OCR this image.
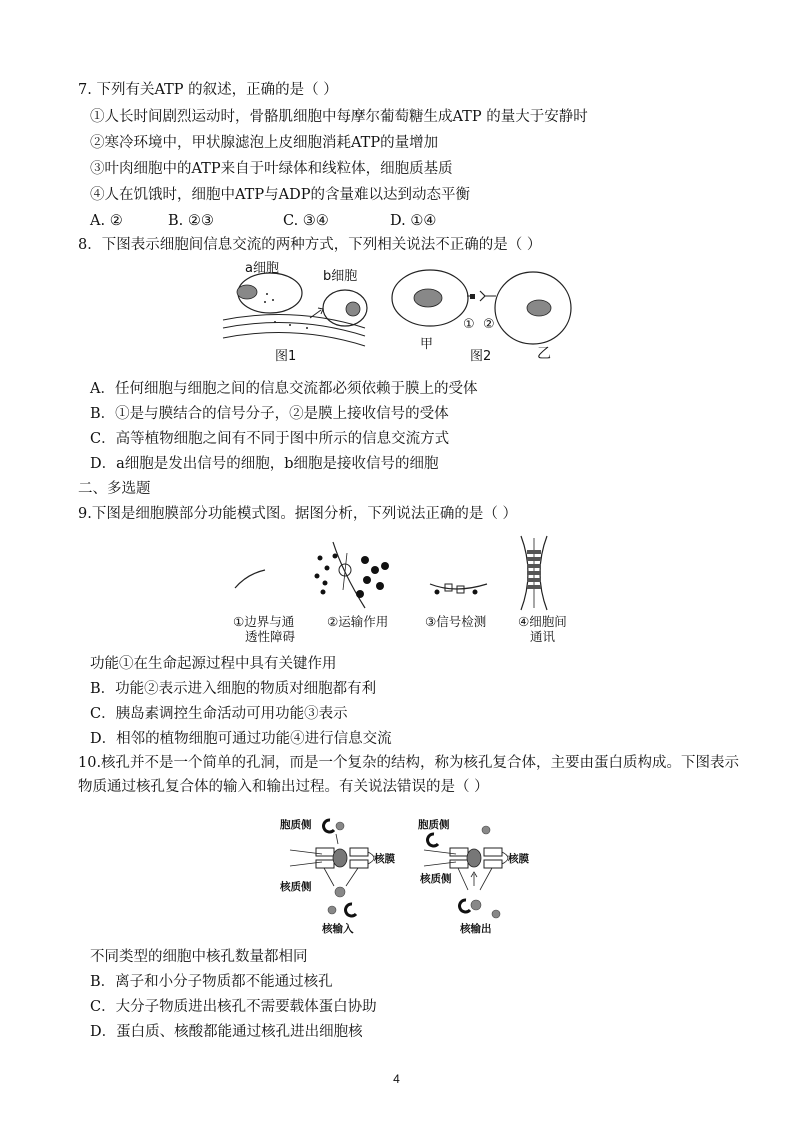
7. 下列有关ATP 的叙述，正确的是（ ）
①人长时间剧烈运动时，骨骼肌细胞中每摩尔葡萄糖生成ATP 的量大于安静时
②寒冷环境中，甲状腺滤泡上皮细胞消耗ATP的量增加
③叶肉细胞中的ATP来自于叶绿体和线粒体，细胞质基质
④人在饥饿时，细胞中ATP与ADP的含量难以达到动态平衡
A. ②	B. ②③	C. ③④	D. ①④
8．下图表示细胞间信息交流的两种方式，下列相关说法不正确的是（ ）
a细胞
b细胞
图1
甲
① ②
乙
图2
A．任何细胞与细胞之间的信息交流都必须依赖于膜上的受体
B．①是与膜结合的信号分子，②是膜上接收信号的受体
C．高等植物细胞之间有不同于图中所示的信息交流方式
D．a细胞是发出信号的细胞，b细胞是接收信号的细胞
二、多选题
9.下图是细胞膜部分功能模式图。据图分析，下列说法正确的是（ ）
①边界与通
透性障碍
②运输作用	③信号检测	④细胞间
通讯
功能①在生命起源过程中具有关键作用
B．功能②表示进入细胞的物质对细胞都有利
C．胰岛素调控生命活动可用功能③表示
D．相邻的植物细胞可通过功能④进行信息交流
10.核孔并不是一个简单的孔洞，而是一个复杂的结构，称为核孔复合体，主要由蛋白质构成。下图表示
物质通过核孔复合体的输入和输出过程。有关说法错误的是（ ）
胞质侧
核膜
核质侧
核输入
胞质侧
核膜
核质侧
核输出
不同类型的细胞中核孔数量都相同
B．离子和小分子物质都不能通过核孔
C．大分子物质进出核孔不需要载体蛋白协助
D．蛋白质、核酸都能通过核孔进出细胞核
4
